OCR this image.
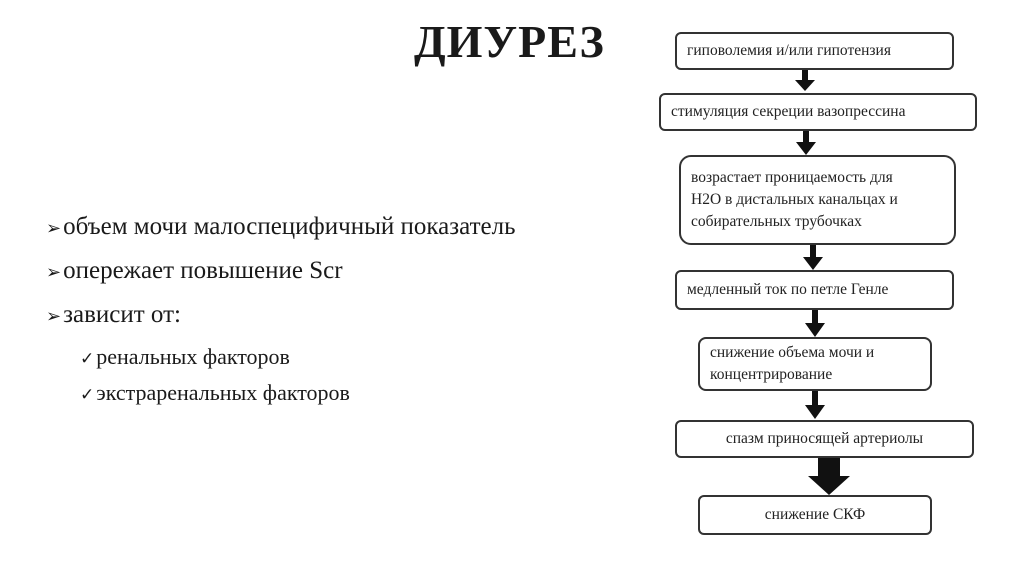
ДИУРЕЗ
➢объем мочи малоспецифичный показатель
➢опережает повышение Scr
➢зависит от:
✓ренальных факторов
✓экстраренальных факторов
гиповолемия и/или гипотензия
стимуляция секреции вазопрессина
возрастает проницаемость для
Н2О в дистальных канальцах и
собирательных трубочках
медленный ток по петле Генле
снижение объема мочи и
концентрирование
спазм приносящей артериолы
снижение СКФ
